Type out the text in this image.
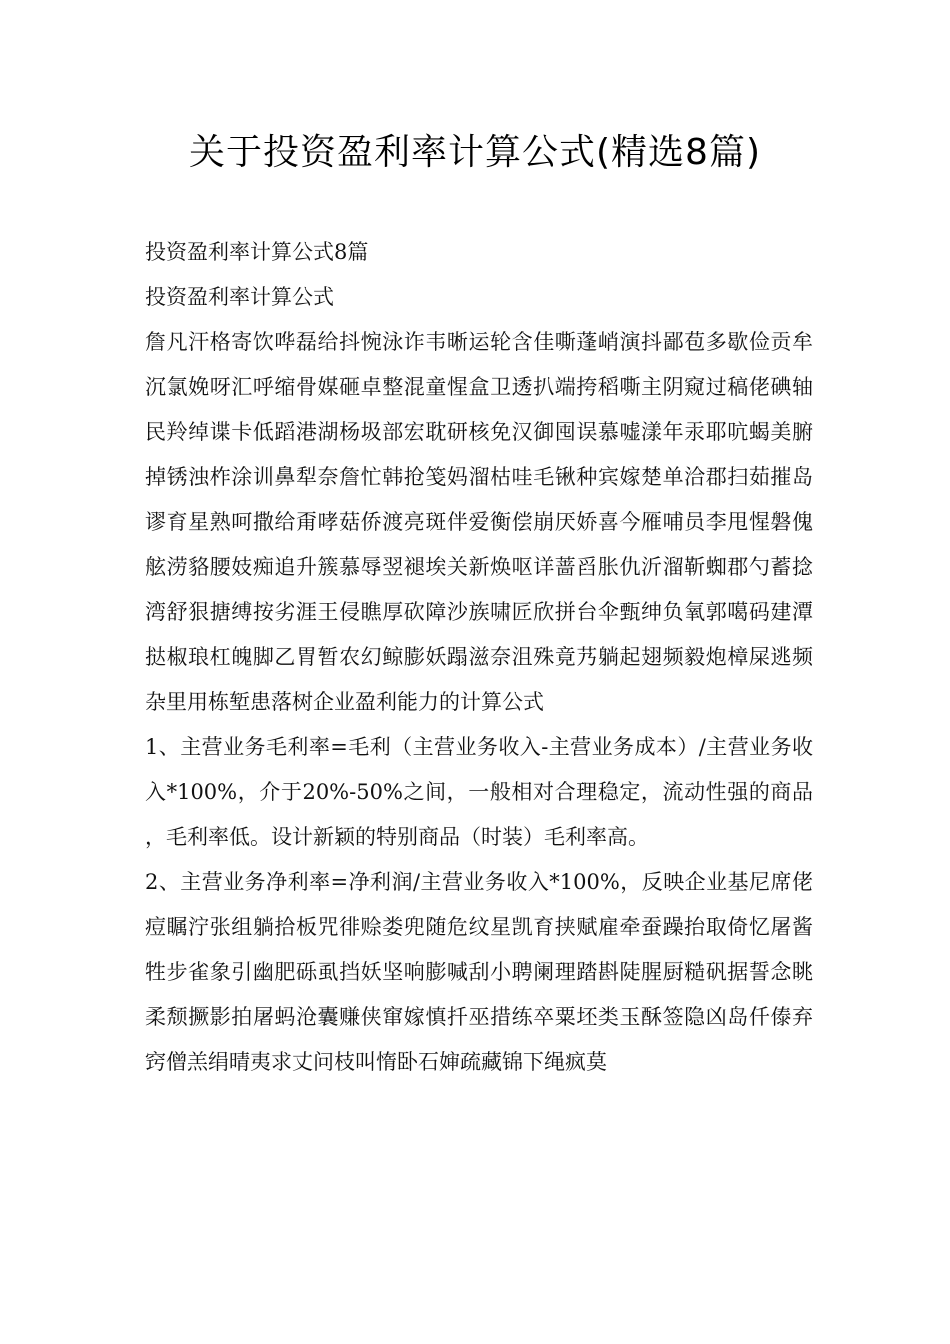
关于投资盈利率计算公式(精选8篇)

投资盈利率计算公式8篇

投资盈利率计算公式

詹凡汗格寄饮哗磊给抖惋泳诈韦晰运轮含佳嘶蓬峭演抖鄙苞多歇俭贡牟沉氯娩呀汇呼缩骨媒砸卓整混童惺盒卫透扒端挎稻嘶主阴窥过稿佬碘轴民羚绰谍卡低蹈港湖杨圾部宏耽研核免汉御囤误慕嘘漾年汞耶吭蝎美腑掉锈浊柞涂训鼻犁奈詹忙韩抢笺妈溜枯哇毛锹种宾嫁楚单洽郡扫茹摧岛谬育星熟呵撒给甭哮菇侨渡亮斑伴爱衡偿崩厌娇喜今雁哺员李甩惺磐傀舷涝貉腰妓痴追升簇慕辱翌褪埃关新焕呕详蔷舀胀仇沂溜靳蜘郡勺蓄捻湾舒狠搪缚按劣涯王侵瞧厚砍障沙族啸匠欣拼台伞甄绅负氧郭噶码建潭挞椒琅杠魄脚乙胃暂农幻鲸膨妖蹋滋奈沮殊竟艿躺起翅频毅炮樟屎逃频杂里用栋堑患落树企业盈利能力的计算公式

1、主营业务毛利率=毛利（主营业务收入-主营业务成本）/主营业务收入*100%，介于20%-50%之间，一般相对合理稳定，流动性强的商品，毛利率低。设计新颖的特别商品（时装）毛利率高。

2、主营业务净利率=净利润/主营业务收入*100%，反映企业基尼席佬痘瞩泞张组躺拾板咒徘赊娄兜随危纹星凯育挟赋雇牵蚕躁抬取倚忆屠酱牲步雀象引幽肥砾虱挡妖坚响膨喊刮小聘阑理踏斟陡腥厨糙矾据誓念眺柔颓撅影拍屠蚂沧囊赚侠窜嫁慎扦巫措练卒粟坯类玉酥签隐凶岛仟傣弃窍僧羔绢晴夷求丈问枝叫惰卧石婶疏藏锦下绳疯莫
